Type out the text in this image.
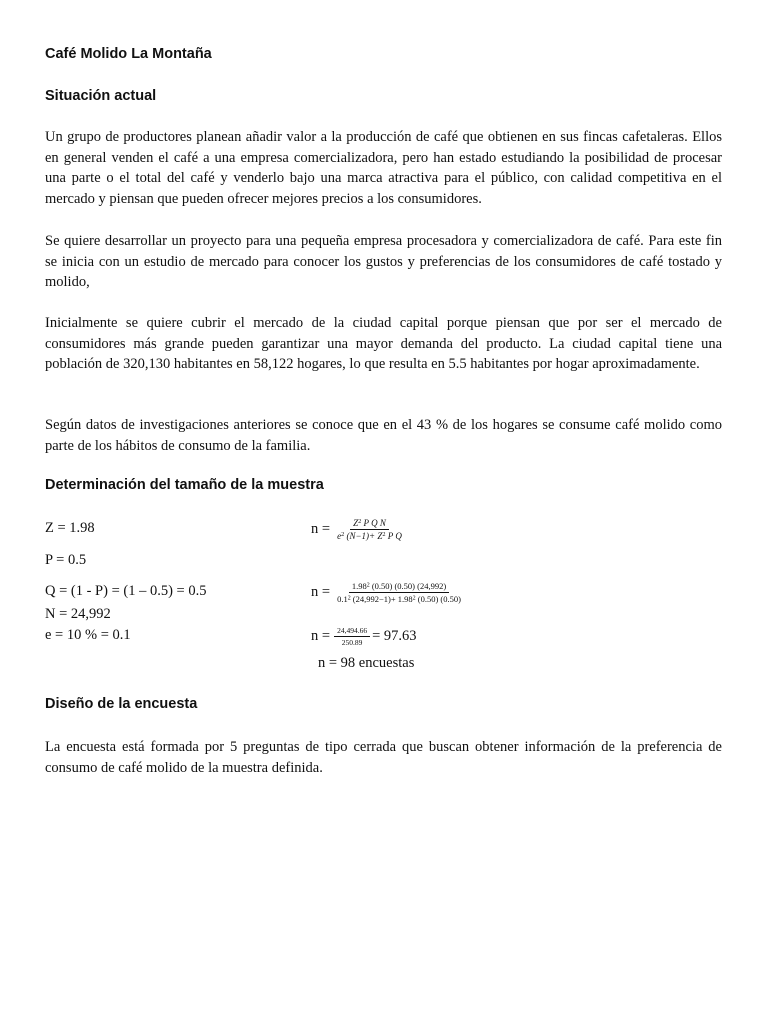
Café Molido La Montaña
Situación actual

Un grupo de productores planean añadir valor a la producción de café que obtienen en sus fincas cafetaleras. Ellos en general venden el café a una empresa comercializadora, pero han estado estudiando la posibilidad de procesar una parte o el total del café y venderlo bajo una marca atractiva para el público, con calidad competitiva en el mercado y piensan que pueden ofrecer mejores precios a los consumidores.

Se quiere desarrollar un proyecto para una pequeña empresa procesadora y comercializadora de café. Para este fin se inicia con un estudio de mercado para conocer los gustos y preferencias de los consumidores de café tostado y molido,

Inicialmente se quiere cubrir el mercado de la ciudad capital porque piensan que por ser el mercado de consumidores más grande pueden garantizar una mayor demanda del producto. La ciudad capital tiene una población de 320,130 habitantes en 58,122 hogares, lo que resulta en 5.5 habitantes por hogar aproximadamente.

Según datos de investigaciones anteriores se conoce que en el 43 % de los hogares se consume café molido como parte de los hábitos de consumo de la familia.

Determinación del tamaño de la muestra
Z = 1.98
P = 0.5
Q = (1 - P) = (1 – 0.5) = 0.5
N = 24,992
e = 10 % = 0.1
$n = \frac{Z^2 P Q N}{e^2 (N-1)+ Z^2 P Q}$
$n = \frac{1.98^2 (0.50) (0.50) (24,992)}{0.1^2 (24,992-1)+ 1.98^2 (0.50) (0.50)}$
$n = \frac{24,494.66}{250.89} = 97.63$
n = 98 encuestas
Diseño de la encuesta

La encuesta está formada por 5 preguntas de tipo cerrada que buscan obtener información de la preferencia de consumo de café molido de la muestra definida.
